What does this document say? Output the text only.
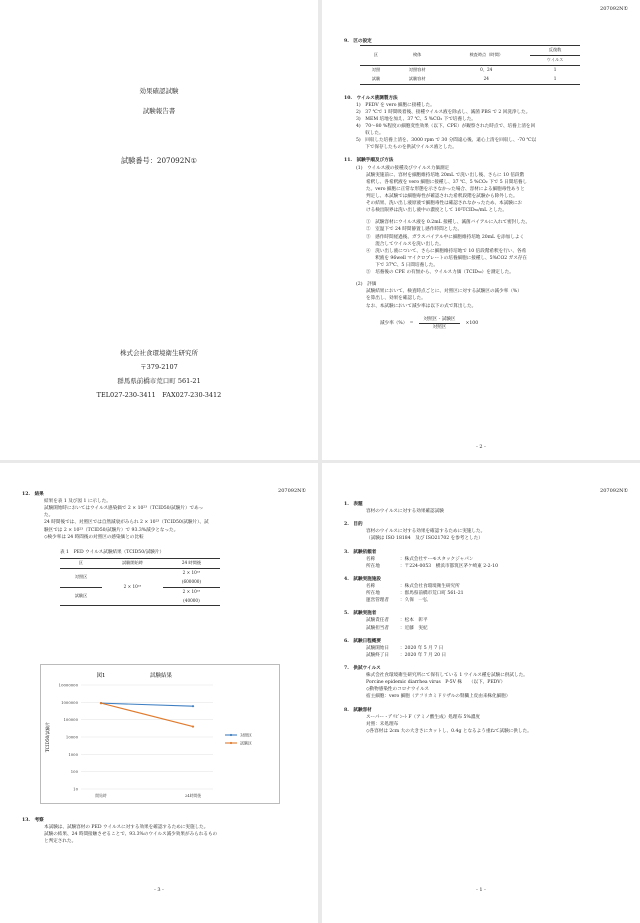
効果確認試験
試験報告書
試験番号：207092N①
株式会社食環境衛生研究所
〒379-2107
群馬県前橋市荒口町 561-21
TEL027-230-3411　FAX027-230-3412
207092N①
9.　区の設定
区	検体	検査時点（時間）	反復数
			ウイルス
対照	対照容材	0、24	1
試験	試験容材	24	1
10.　ウイルス液調製方法
1)　PEDV を vero 細胞に接種した。
2)　37 ℃で 1 時間吸着後、接種ウイルス液を除去し、滅菌 PBS で 2 回洗浄した。
3)　MEM 培地を加え、37 ℃、5 %CO₂ 下で培養した。
4)　70～80 %程度の細胞変性効果（以下、CPE）が観察された時点で、培養上清を回
　　収した。
5)　回収した培養上清を、3000 rpm で 30 分間遠心後、遠心上清を回収し、-70 ℃以
　　下で保存したものを供試ウイルス液とした。
11.　試験手順及び方法
(1)　ウイルス液の接種及びウイルス力価測定
試験実施前に、容材を細胞維持培地 20mL で洗い出し後、さらに 10 倍段階
希釈し、各希釈液を vero 細胞に接種し、37 ℃、5 %CO₂ 下で 5 日間培養し
た。vero 細胞に正常な形態を示さなかった場合、容材による細胞毒性ありと
判定し、本試験では細胞毒性が確認された希釈段階を試験から除外した。
その結果、洗い出し液原液で細胞毒性は確認されなかったため、本試験にお
ける検出限界は洗い出し液中の濃度として 10²TCID₅₀/mL とした。
①　試験容材にウイルス液を 0.2mL 接種し、滅菌バイアルに入れて密封した。
②　室温下で 24 時間静置し感作時間とした。
③　感作時間経過後、ガラスバイアル中に細胞維持培地 20mL を添加しよく
　　混合してウイルスを洗い出した。
④　洗い出し液について、さらに細胞維持培地で 10 倍段階希釈を行い、各希
　　釈液を 96well マイクロプレートの培養細胞に接種し、5%CO2 ガス存在
　　下で 37℃、5 日間培養した。
⑤　培養後の CPE の有無から、ウイルス力価（TCID₅₀）を測定した。
(2)　評価
試験結果において、検査時点ごとに、対照区に対する試験区の減少率（%）
を算出し、効果を確認した。
なお、本試験において減少率は以下の式で算出した。
減少率（%）　=
対照区 - 試験区
対照区
×100
- 2 -
207092N①
12.　結果
結果を表 1 及び図 1 に示した。
試験開始時においてはウイルス感染価で 2 × 10²³（TCID50/試験片）であっ
た。
24 時間後では、対照区では自然減衰がみられ 2 × 10²³（TCID50/試験片）、試
験区では 2 × 10²³（TCID50/試験片）で 93.3%減少となった。
◇検少率は 24 時間後の対照区の感染価との比較
表 1　PED ウイルス試験結果（TCID50/試験片）
区	試験開始時	24 時間後
対照区	2 × 10²³	2 × 10²³
		(600000)
試験区		2 × 10²³
		(40000)
図1	試験結果
TCID50/試験片
10000000
1000000
100000
10000
1000
100
10
開始時	24時間後
対照区
試験区
13.　考察
本試験は、試験容材の PED ウイルスに対する効果を確認するために実施した。
試験の結果、24 時間接触させることで、93.3%のウイルス減少効果がみられるもの
と判定された。
- 3 -
207092N①
1.　表題
容材のウイルスに対する効果確認試験
2.　目的
容材のウイルスに対する効果を確認するために実施した。
（試験は ISO 18184　及び ISO21702 を参考とした）
3.　試験依頼者
名称	：株式会社サーモスタックジャパン
所在地	：〒224-0053　横浜市都筑区茅ケ崎東 2-2-10
4.　試験実施施設
名称	：株式会社食環境衛生研究所
所在地	：群馬県前橋市荒口町 561-21
運営管理者	：久保　一弘
5.　試験実施者
試験責任者	：松本　彰平
試験担当者	：近藤　実紀
6.　試験日程概要
試験開始日	：2020 年 5 月 7 日
試験終了日	：2020 年 7 月 20 日
7.　供試ウイルス
株式会社食環境衛生研究所にて保有している 1 ウイルス種を試験に供試した。
Porcine epidemic diarrhea virus　P-5V 株　　（以下、PEDV）
◇動物感染性のコロナウイルス
宿主細胞：vero 細胞（アフリカミドリザルの腎臓上皮由来株化細胞）
8.　試験容材
スーパー・ﾌﾟﾘﾋﾞﾝｰﾄ F（アミノ酸生成）処理布 5%濃度
対照：未処理布
◇各容材は 2cm 大の大きさにカットし、0.4g となるよう重ねて試験に供した。
- 1 -
